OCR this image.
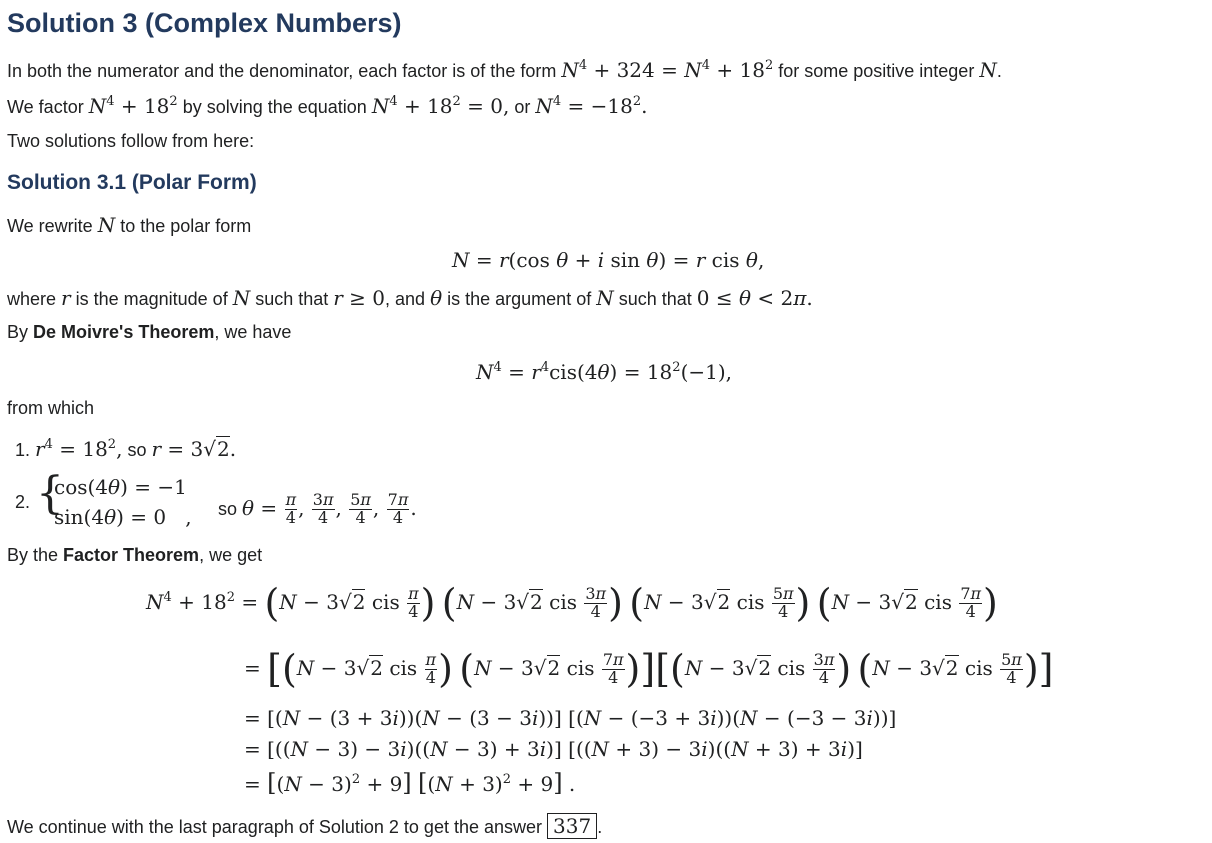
Solution 3 (Complex Numbers)
In both the numerator and the denominator, each factor is of the form $N^4 + 324 = N^4 + 18^2$ for some positive integer N.
We factor $N^4 + 18^2$ by solving the equation $N^4 + 18^2 = 0$, or $N^4 = -18^2$.
Two solutions follow from here:
Solution 3.1 (Polar Form)
We rewrite N to the polar form
N = r(cos θ + i sin θ) = r cis θ,
where r is the magnitude of N such that r ≥ 0, and θ is the argument of N such that 0 ≤ θ < 2π.
By De Moivre's Theorem, we have
$N^4 = r^4cis(4\theta) = 18^2(-1)$,
from which
1. $r^4 = 18^2$, so r = 3√2.
2. {
cos(4θ) = −1
sin(4θ) = 0   , so $\theta = \frac{\pi}{4}$ , $\frac{3\pi}{4}$ , $\frac{5\pi}{4}$ , $\frac{7\pi}{4}$ .
By the Factor Theorem, we get
$N^4 + 18^2 = (N - 3√2$ cis $\frac{\pi}{4}$ ) (N − 3√2 cis $\frac{3\pi}{4}$ ) (N − 3√2 cis $\frac{5\pi}{4}$ ) (N − 3√2 cis $\frac{7\pi}{4}$ )
= [(N − 3√2 cis $\frac{\pi}{4}$ ) (N − 3√2 cis $\frac{7\pi}{4} )][(N - 3√2$ cis $\frac{3\pi}{4}$ ) (N − 3√2 cis $\frac{5\pi}{4}$ )]
= [(N − (3 + 3i))(N − (3 − 3i))] [(N − (−3 + 3i))(N − (−3 − 3i))]
= [((N − 3) − 3i)((N − 3) + 3i)] [((N + 3) − 3i)((N + 3) + 3i)]
= $[(N - 3)^2 + 9]$ $[(N + 3)^2 + 9]$ .
We continue with the last paragraph of Solution 2 to get the answer 337 .
